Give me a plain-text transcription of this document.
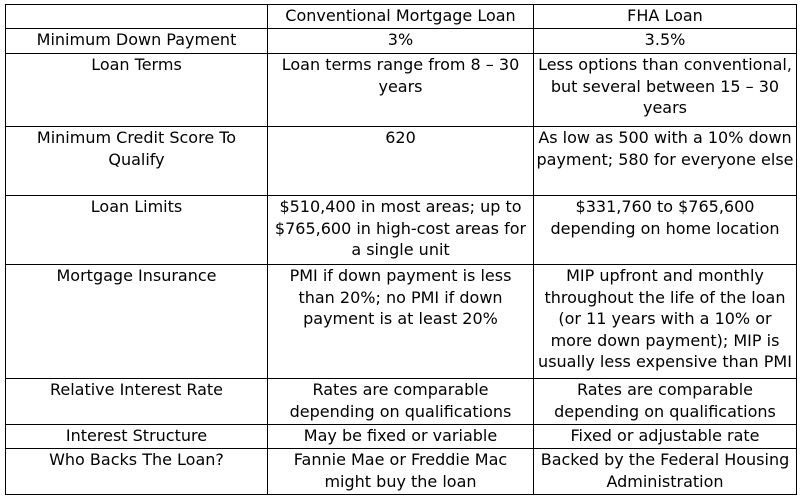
	Conventional Mortgage Loan	FHA Loan
Minimum Down Payment	3%	3.5%
Loan Terms	Loan terms range from 8 – 30 years	Less options than conventional, but several between 15 – 30 years
Minimum Credit Score To Qualify	620	As low as 500 with a 10% down payment; 580 for everyone else
Loan Limits	$510,400 in most areas; up to $765,600 in high-cost areas for a single unit	$331,760 to $765,600 depending on home location
Mortgage Insurance	PMI if down payment is less than 20%; no PMI if down payment is at least 20%	MIP upfront and monthly throughout the life of the loan (or 11 years with a 10% or more down payment); MIP is usually less expensive than PMI
Relative Interest Rate	Rates are comparable depending on qualifications	Rates are comparable depending on qualifications
Interest Structure	May be fixed or variable	Fixed or adjustable rate
Who Backs The Loan?	Fannie Mae or Freddie Mac might buy the loan	Backed by the Federal Housing Administration
